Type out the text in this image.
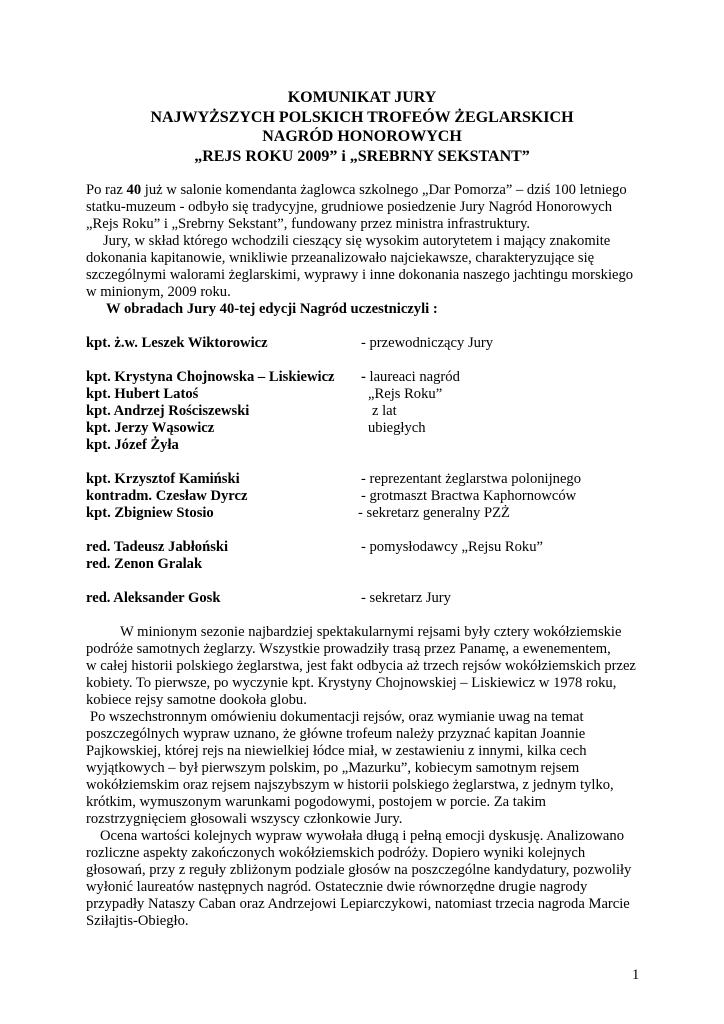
KOMUNIKAT JURY
NAJWYŻSZYCH POLSKICH TROFEÓW ŻEGLARSKICH
NAGRÓD HONOROWYCH
„REJS ROKU 2009” i „SREBRNY SEKSTANT”
Po raz 40 już w salonie komendanta żaglowca szkolnego „Dar Pomorza” – dziś 100 letniego
statku-muzeum - odbyło się tradycyjne, grudniowe posiedzenie Jury Nagród Honorowych
„Rejs Roku” i „Srebrny Sekstant”, fundowany przez ministra infrastruktury.
Jury, w skład którego wchodzili cieszący się wysokim autorytetem i mający znakomite
dokonania kapitanowie, wnikliwie przeanalizowało najciekawsze, charakteryzujące się
szczególnymi walorami żeglarskimi, wyprawy i inne dokonania naszego jachtingu morskiego
w minionym, 2009 roku.
W obradach Jury 40-tej edycji Nagród uczestniczyli :
kpt. ż.w. Leszek Wiktorowicz	- przewodniczący Jury
kpt. Krystyna Chojnowska – Liskiewicz - laureaci nagród
kpt. Hubert Latoś	„Rejs Roku”
kpt. Andrzej Rościszewski	z lat
kpt. Jerzy Wąsowicz	ubiegłych
kpt. Józef Żyła
kpt. Krzysztof Kamiński	- reprezentant żeglarstwa polonijnego
kontradm. Czesław Dyrcz	- grotmaszt Bractwa Kaphornowców
kpt. Zbigniew Stosio	- sekretarz generalny PZŻ
red. Tadeusz Jabłoński	- pomysłodawcy „Rejsu Roku”
red. Zenon Gralak
red. Aleksander Gosk	- sekretarz Jury
W minionym sezonie najbardziej spektakularnymi rejsami były cztery wokółziemskie
podróże samotnych żeglarzy. Wszystkie prowadziły trasą przez Panamę, a ewenementem,
w całej historii polskiego żeglarstwa, jest fakt odbycia aż trzech rejsów wokółziemskich przez
kobiety. To pierwsze, po wyczynie kpt. Krystyny Chojnowskiej – Liskiewicz w 1978 roku,
kobiece rejsy samotne dookoła globu.
Po wszechstronnym omówieniu dokumentacji rejsów, oraz wymianie uwag na temat
poszczególnych wypraw uznano, że główne trofeum należy przyznać kapitan Joannie
Pajkowskiej, której rejs na niewielkiej łódce miał, w zestawieniu z innymi, kilka cech
wyjątkowych – był pierwszym polskim, po „Mazurku”, kobiecym samotnym rejsem
wokółziemskim oraz rejsem najszybszym w historii polskiego żeglarstwa, z jednym tylko,
krótkim, wymuszonym warunkami pogodowymi, postojem w porcie. Za takim
rozstrzygnięciem głosowali wszyscy członkowie Jury.
Ocena wartości kolejnych wypraw wywołała długą i pełną emocji dyskusję. Analizowano
rozliczne aspekty zakończonych wokółziemskich podróży. Dopiero wyniki kolejnych
głosowań, przy z reguły zbliżonym podziale głosów na poszczególne kandydatury, pozwoliły
wyłonić laureatów następnych nagród. Ostatecznie dwie równorzędne drugie nagrody
przypadły Nataszy Caban oraz Andrzejowi Lepiarczykowi, natomiast trzecia nagroda Marcie
Sziłajtis-Obiegło.
1
